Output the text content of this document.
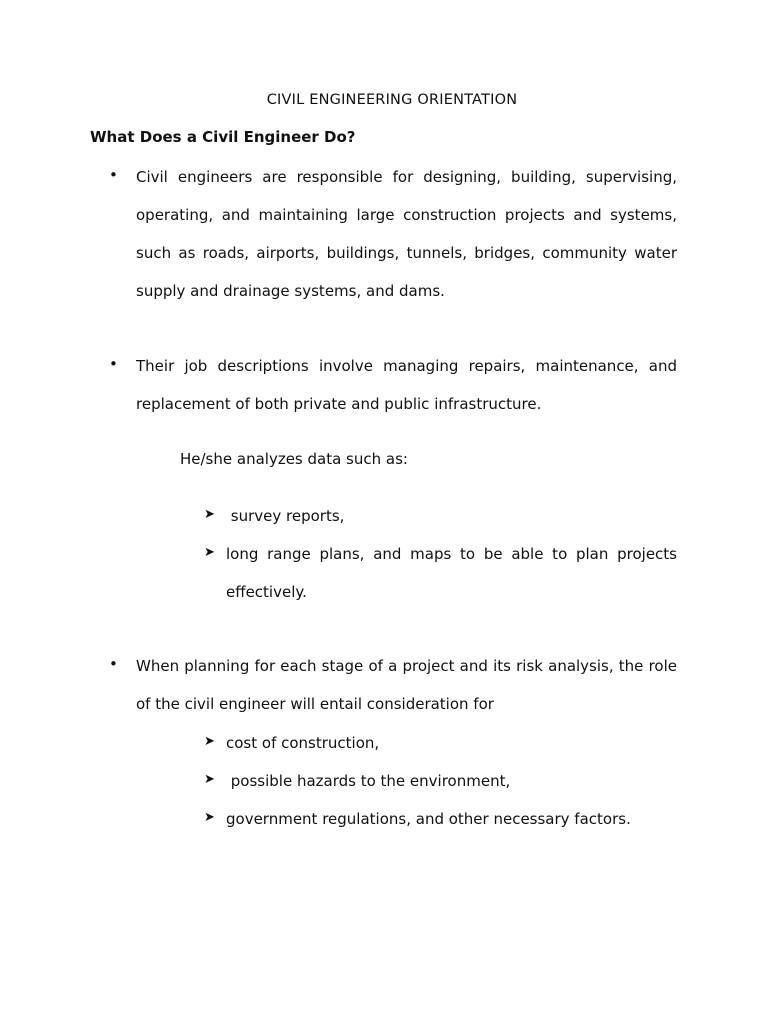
CIVIL ENGINEERING ORIENTATION
What Does a Civil Engineer Do?
• Civil engineers are responsible for designing, building, supervising, operating, and maintaining large construction projects and systems, such as roads, airports, buildings, tunnels, bridges, community water supply and drainage systems, and dams.
• Their job descriptions involve managing repairs, maintenance, and replacement of both private and public infrastructure.
He/she analyzes data such as:
➤ survey reports,
➤ long range plans, and maps to be able to plan projects effectively.
• When planning for each stage of a project and its risk analysis, the role of the civil engineer will entail consideration for
➤ cost of construction,
➤ possible hazards to the environment,
➤ government regulations, and other necessary factors.
